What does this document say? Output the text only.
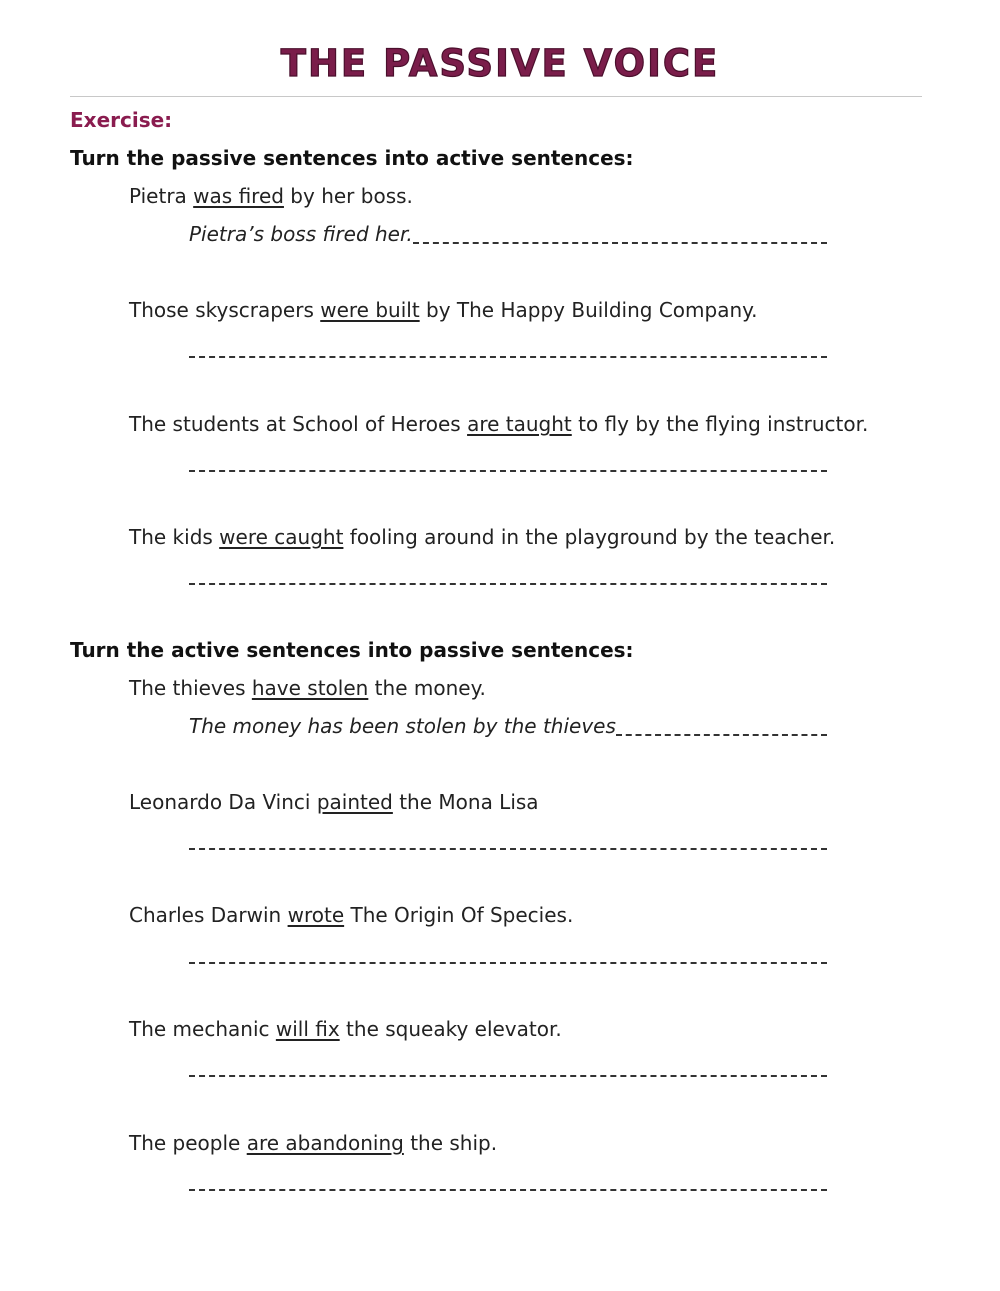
THE PASSIVE VOICE

Exercise:

Turn the passive sentences into active sentences:

Pietra was fired by her boss.

Pietra’s boss fired her.

Those skyscrapers were built by The Happy Building Company.

The students at School of Heroes are taught to fly by the flying instructor.

The kids were caught fooling around in the playground by the teacher.

Turn the active sentences into passive sentences:

The thieves have stolen the money.

The money has been stolen by the thieves

Leonardo Da Vinci painted the Mona Lisa

Charles Darwin wrote The Origin Of Species.

The mechanic will fix the squeaky elevator.

The people are abandoning the ship.
